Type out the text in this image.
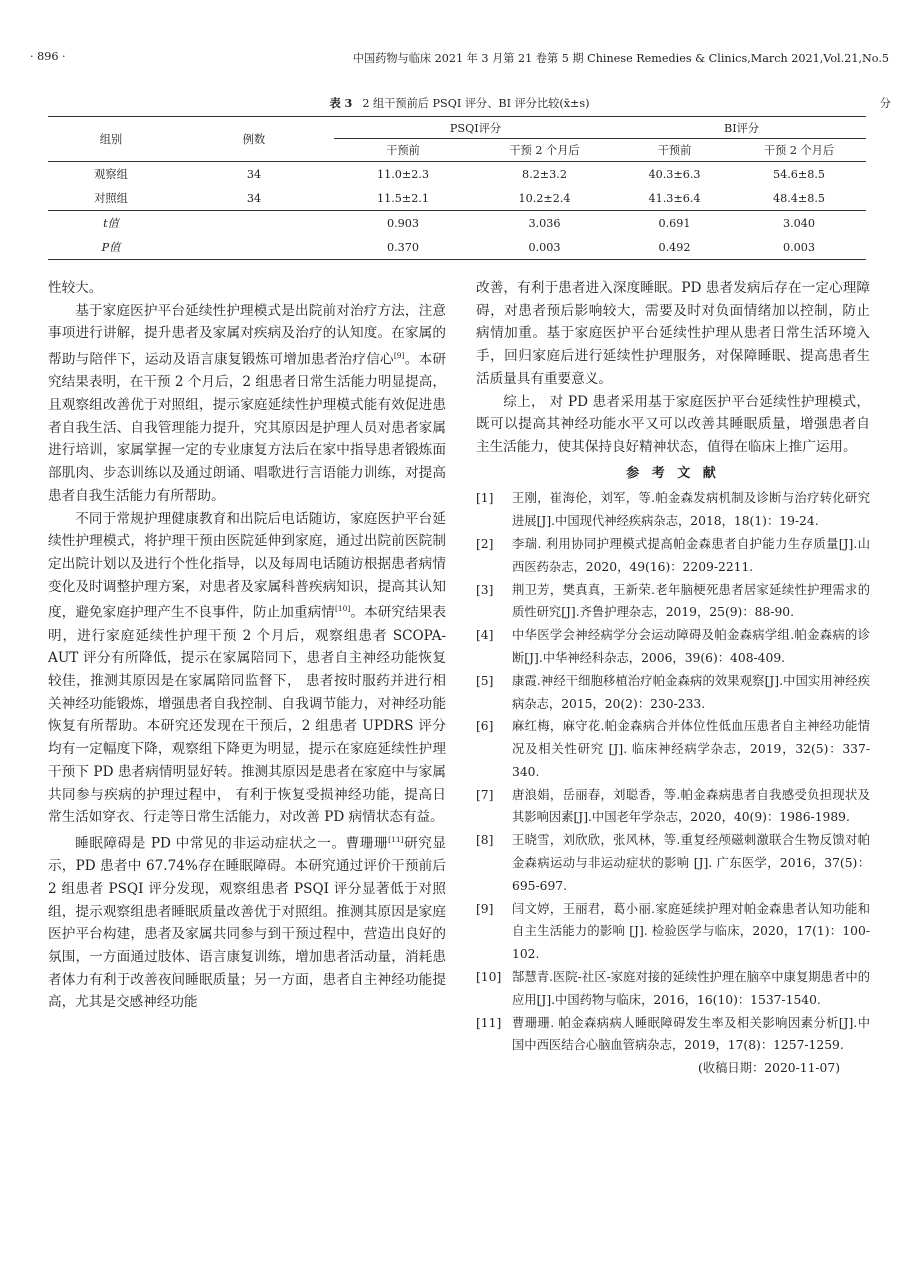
· 896 ·	中国药物与临床 2021 年 3 月第 21 卷第 5 期 Chinese Remedies & Clinics,March 2021,Vol.21,No.5
表 3 2 组干预前后 PSQI 评分、BI 评分比较(x̄±s)	分
组别	例数	PSQI评分		BI评分	
		干预前	干预 2 个月后	干预前	干预 2 个月后
观察组	34	11.0±2.3	8.2±3.2	40.3±6.3	54.6±8.5
对照组	34	11.5±2.1	10.2±2.4	41.3±6.4	48.4±8.5
t值		0.903	3.036	0.691	3.040
P值		0.370	0.003	0.492	0.003

性较大。

基于家庭医护平台延续性护理模式是出院前对治疗方法，注意事项进行讲解，提升患者及家属对疾病及治疗的认知度。在家属的帮助与陪伴下，运动及语言康复锻炼可增加患者治疗信心[9]。本研究结果表明，在干预 2 个月后，2 组患者日常生活能力明显提高，且观察组改善优于对照组，提示家庭延续性护理模式能有效促进患者自我生活、自我管理能力提升，究其原因是护理人员对患者家属进行培训，家属掌握一定的专业康复方法后在家中指导患者锻炼面部肌肉、步态训练以及通过朗诵、唱歌进行言语能力训练，对提高患者自我生活能力有所帮助。

不同于常规护理健康教育和出院后电话随访，家庭医护平台延续性护理模式，将护理干预由医院延伸到家庭，通过出院前医院制定出院计划以及进行个性化指导，以及每周电话随访根据患者病情变化及时调整护理方案，对患者及家属科普疾病知识，提高其认知度，避免家庭护理产生不良事件，防止加重病情[10]。本研究结果表明，进行家庭延续性护理干预 2 个月后，观察组患者 SCOPA-AUT 评分有所降低，提示在家属陪同下，患者自主神经功能恢复较佳，推测其原因是在家属陪同监督下， 患者按时服药并进行相关神经功能锻炼，增强患者自我控制、自我调节能力，对神经功能恢复有所帮助。本研究还发现在干预后，2 组患者 UPDRS 评分均有一定幅度下降，观察组下降更为明显，提示在家庭延续性护理干预下 PD 患者病情明显好转。推测其原因是患者在家庭中与家属共同参与疾病的护理过程中， 有利于恢复受损神经功能，提高日常生活如穿衣、行走等日常生活能力，对改善 PD 病情状态有益。

睡眠障碍是 PD 中常见的非运动症状之一。曹珊珊[11]研究显示，PD 患者中 67.74%存在睡眠障碍。本研究通过评价干预前后 2 组患者 PSQI 评分发现，观察组患者 PSQI 评分显著低于对照组，提示观察组患者睡眠质量改善优于对照组。推测其原因是家庭医护平台构建，患者及家属共同参与到干预过程中，营造出良好的氛围，一方面通过肢体、语言康复训练，增加患者活动量，消耗患者体力有利于改善夜间睡眠质量；另一方面，患者自主神经功能提高，尤其是交感神经功能

改善，有利于患者进入深度睡眠。PD 患者发病后存在一定心理障碍，对患者预后影响较大，需要及时对负面情绪加以控制，防止病情加重。基于家庭医护平台延续性护理从患者日常生活环境入手，回归家庭后进行延续性护理服务，对保障睡眠、提高患者生活质量具有重要意义。

综上， 对 PD 患者采用基于家庭医护平台延续性护理模式， 既可以提高其神经功能水平又可以改善其睡眠质量，增强患者自主生活能力，使其保持良好精神状态，值得在临床上推广运用。

参 考 文 献

[1] 王刚，崔海伦，刘军，等.帕金森发病机制及诊断与治疗转化研究进展[J].中国现代神经疾病杂志，2018，18(1)：19-24.
[2] 李瑞. 利用协同护理模式提高帕金森患者自护能力生存质量[J].山西医药杂志，2020，49(16)：2209-2211.
[3] 荆卫芳，樊真真，王新荣.老年脑梗死患者居家延续性护理需求的质性研究[J].齐鲁护理杂志，2019，25(9)：88-90.
[4] 中华医学会神经病学分会运动障碍及帕金森病学组.帕金森病的诊断[J].中华神经科杂志，2006，39(6)：408-409.
[5] 康霞.神经干细胞移植治疗帕金森病的效果观察[J].中国实用神经疾病杂志，2015，20(2)：230-233.
[6] 麻红梅，麻守花.帕金森病合并体位性低血压患者自主神经功能情况及相关性研究 [J]. 临床神经病学杂志，2019，32(5)：337-340.
[7] 唐浪娟，岳丽春，刘聪香，等.帕金森病患者自我感受负担现状及其影响因素[J].中国老年学杂志，2020，40(9)：1986-1989.
[8] 王晓雪，刘欣欣，张风林，等.重复经颅磁刺激联合生物反馈对帕金森病运动与非运动症状的影响 [J]. 广东医学，2016，37(5)：695-697.
[9] 闫文婷，王丽君，葛小丽.家庭延续护理对帕金森患者认知功能和自主生活能力的影响 [J]. 检验医学与临床，2020，17(1)：100-102.
[10] 郜慧青.医院-社区-家庭对接的延续性护理在脑卒中康复期患者中的应用[J].中国药物与临床，2016，16(10)：1537-1540.
[11] 曹珊珊. 帕金森病病人睡眠障碍发生率及相关影响因素分析[J].中国中西医结合心脑血管病杂志，2019，17(8)：1257-1259.

(收稿日期：2020-11-07)
